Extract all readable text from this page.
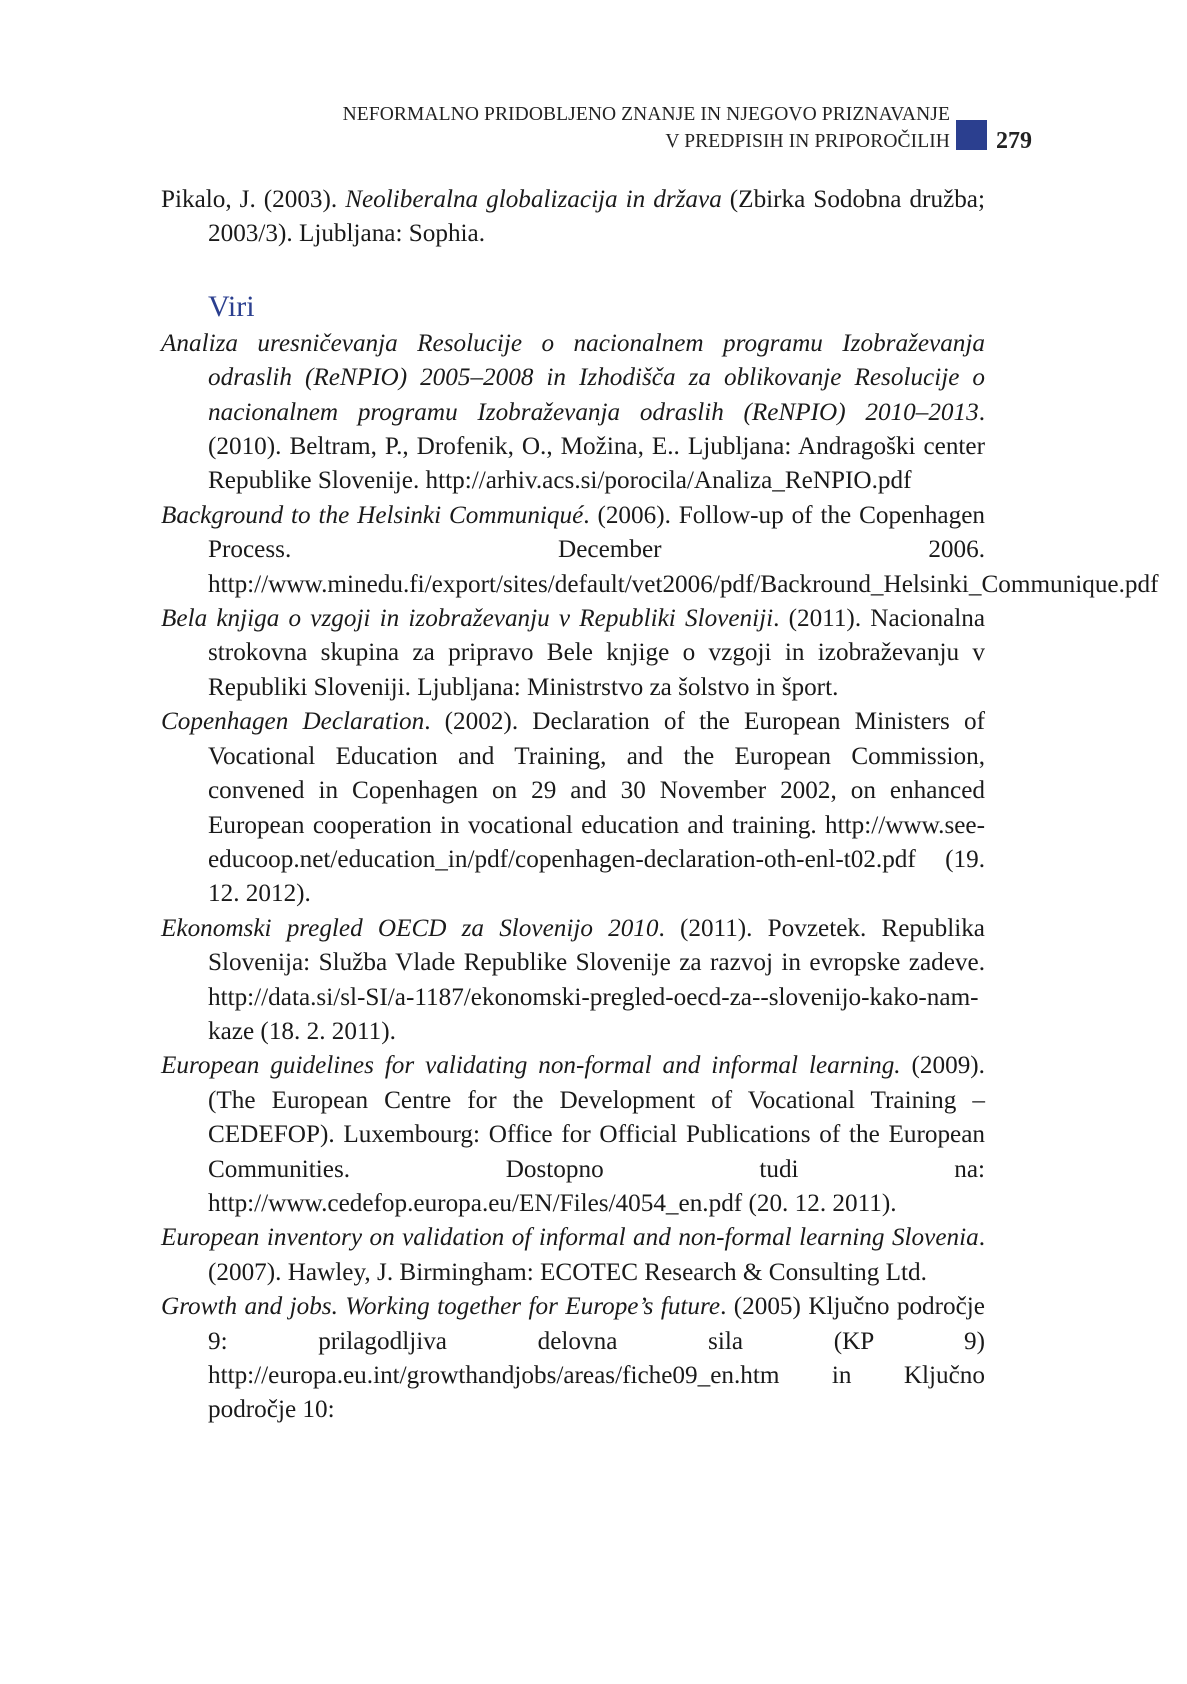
NEFORMALNO PRIDOBLJENO ZNANJE IN NJEGOVO PRIZNAVANJE
V PREDPISIH IN PRIPOROČILIH 279

Pikalo, J. (2003). Neoliberalna globalizacija in država (Zbirka Sodobna družba; 2003/3). Ljubljana: Sophia.

Viri

Analiza uresničevanja Resolucije o nacionalnem programu Izobraževanja odraslih (ReNPIO) 2005–2008 in Izhodišča za oblikovanje Resolucije o nacionalnem programu Izobraževanja odraslih (ReNPIO) 2010–2013. (2010). Beltram, P., Drofenik, O., Možina, E.. Ljubljana: Andragoški center Republike Slovenije. http://arhiv.acs.si/porocila/Analiza_ReNPIO.pdf

Background to the Helsinki Communiqué. (2006). Follow-up of the Copenhagen Process. December 2006. http://www.minedu.fi/export/sites/default/vet2006/pdf/Backround_Helsinki_Communique.pdf

Bela knjiga o vzgoji in izobraževanju v Republiki Sloveniji. (2011). Nacionalna strokovna skupina za pripravo Bele knjige o vzgoji in izobraževanju v Republiki Sloveniji. Ljubljana: Ministrstvo za šolstvo in šport.

Copenhagen Declaration. (2002). Declaration of the European Ministers of Vocational Education and Training, and the European Commission, convened in Copenhagen on 29 and 30 November 2002, on enhanced European cooperation in vocational education and training. http://www.see-educoop.net/education_in/pdf/copenhagen-declaration-oth-enl-t02.pdf (19. 12. 2012).

Ekonomski pregled OECD za Slovenijo 2010. (2011). Povzetek. Republika Slovenija: Služba Vlade Republike Slovenije za razvoj in evropske zadeve. http://data.si/sl-SI/a-1187/ekonomski-pregled-oecd-za--slovenijo-kako-nam-kaze (18. 2. 2011).

European guidelines for validating non-formal and informal learning. (2009). (The European Centre for the Development of Vocational Training – CEDEFOP). Luxembourg: Office for Official Publications of the European Communities. Dostopno tudi na: http://www.cedefop.europa.eu/EN/Files/4054_en.pdf (20. 12. 2011).

European inventory on validation of informal and non-formal learning Slovenia. (2007). Hawley, J. Birmingham: ECOTEC Research & Consulting Ltd.

Growth and jobs. Working together for Europe’s future. (2005) Ključno področje 9: prilagodljiva delovna sila (KP 9) http://europa.eu.int/growthandjobs/areas/fiche09_en.htm in Ključno področje 10:
